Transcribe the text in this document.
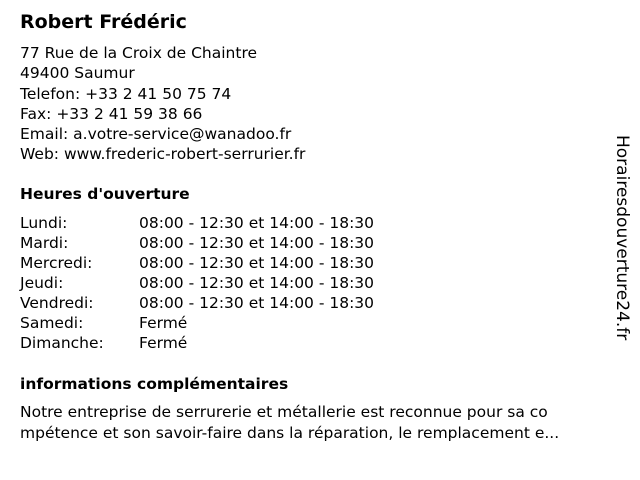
Robert Frédéric
77 Rue de la Croix de Chaintre
49400 Saumur
Telefon: +33 2 41 50 75 74
Fax: +33 2 41 59 38 66
Email: a.votre-service@wanadoo.fr
Web: www.frederic-robert-serrurier.fr
Heures d'ouverture
Lundi:	08:00 - 12:30 et 14:00 - 18:30
Mardi:	08:00 - 12:30 et 14:00 - 18:30
Mercredi:	08:00 - 12:30 et 14:00 - 18:30
Jeudi:	08:00 - 12:30 et 14:00 - 18:30
Vendredi:	08:00 - 12:30 et 14:00 - 18:30
Samedi:	Fermé
Dimanche: Fermé
informations complémentaires
Notre entreprise de serrurerie et métallerie est reconnue pour sa co
mpétence et son savoir-faire dans la réparation, le remplacement e...
Horairesdouverture24.fr
